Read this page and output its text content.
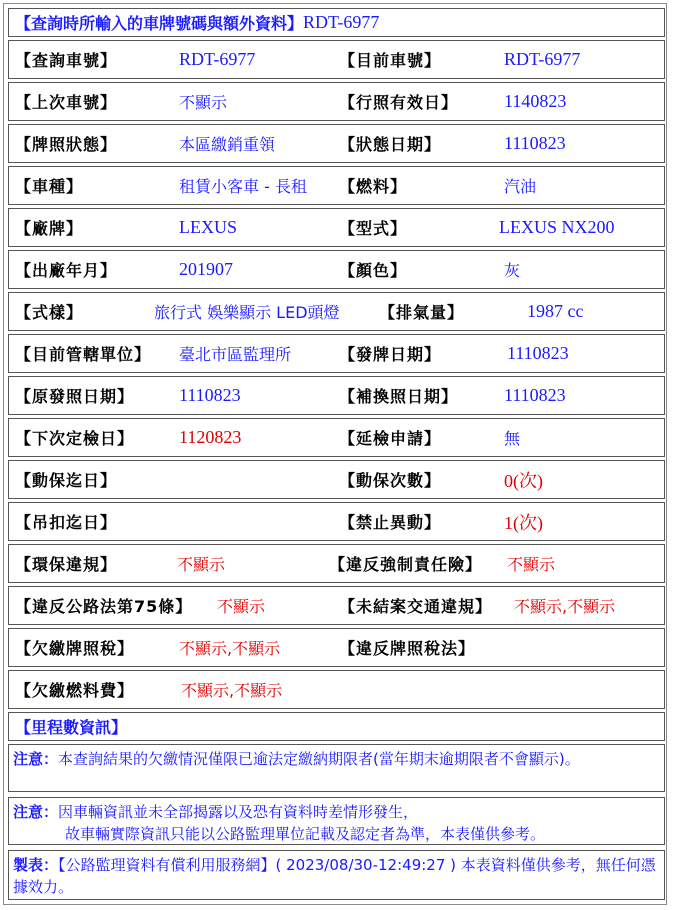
【查詢時所輸入的車牌號碼與額外資料】 RDT-6977
【查詢車號】	RDT-6977	【目前車號】	RDT-6977
【上次車號】	不顯示	【行照有效日】	1140823
【牌照狀態】	本區繳銷重領	【狀態日期】	1110823
【車種】	租賃小客車 - 長租 【燃料】	汽油
【廠牌】	LEXUS	【型式】	LEXUS NX200
【出廠年月】	201907	【顏色】	灰
【式樣】	旅行式 娛樂顯示 LED頭燈 【排氣量】	1987 cc
【目前管轄單位】 臺北市區監理所	【發牌日期】	1110823
【原發照日期】 1110823	【補換照日期】	1110823
【下次定檢日】 1120823	【延檢申請】	無
【動保迄日】	【動保次數】	0(次)
【吊扣迄日】	【禁止異動】	1(次)
【環保違規】	不顯示	【違反強制責任險】 不顯示
【違反公路法第75條】 不顯示	【未結案交通違規】 不顯示,不顯示
【欠繳牌照稅】	不顯示,不顯示	【違反牌照稅法】
【欠繳燃料費】	不顯示,不顯示
【里程數資訊】
注意：本查詢結果的欠繳情況僅限已逾法定繳納期限者(當年期末逾期限者不會顯示)。
注意：因車輛資訊並未全部揭露以及恐有資料時差情形發生，
故車輛實際資訊只能以公路監理單位記載及認定者為準，本表僅供參考。
製表：【公路監理資料有償利用服務網】( 2023/08/30-12:49:27 ) 本表資料僅供參考，無任何憑據效力。
